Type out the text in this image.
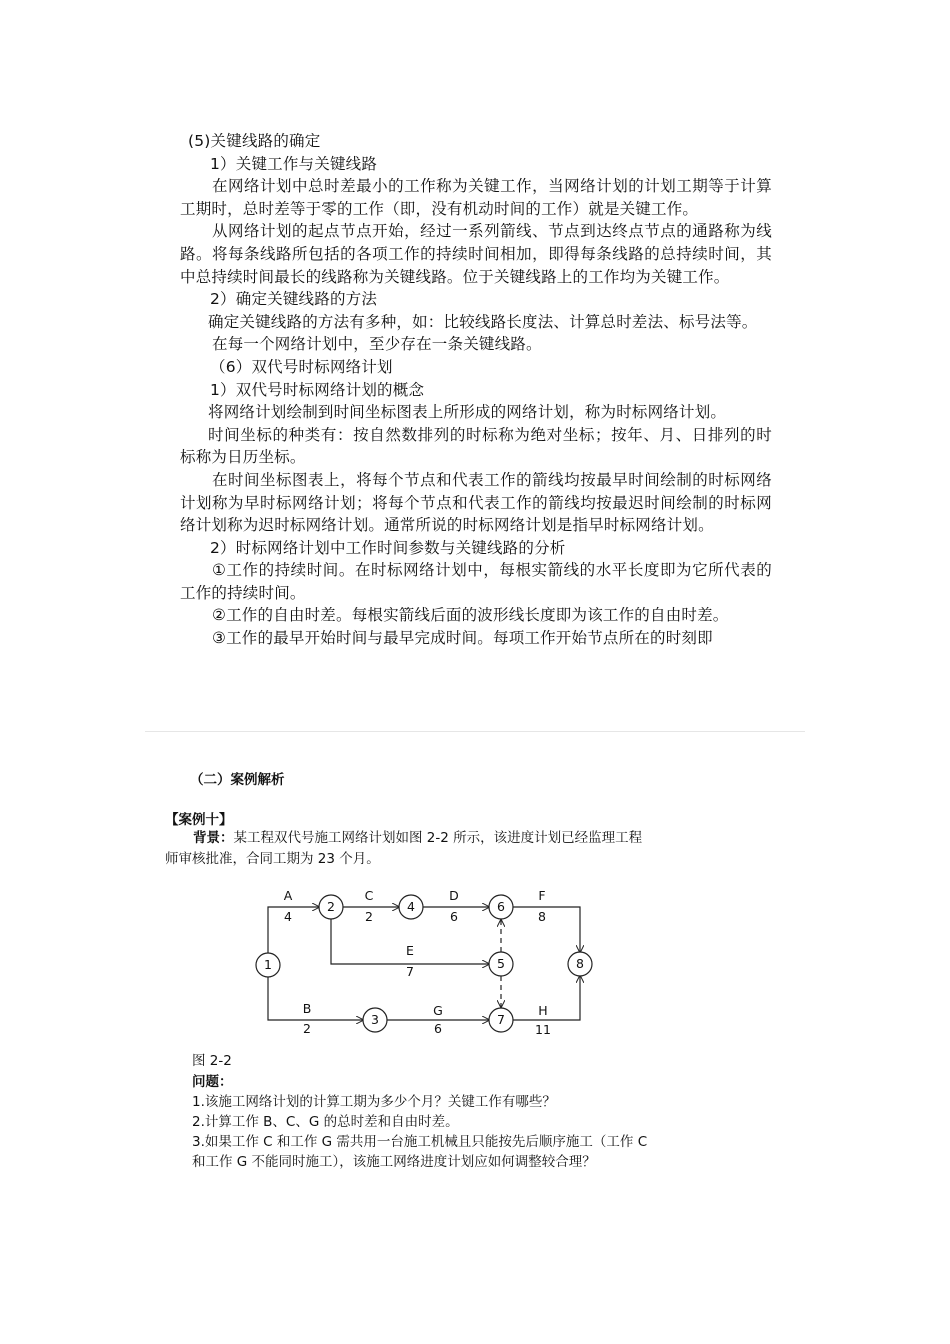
(5)关键线路的确定

1）关键工作与关键线路

在网络计划中总时差最小的工作称为关键工作，当网络计划的计划工期等于计算工期时，总时差等于零的工作（即，没有机动时间的工作）就是关键工作。

从网络计划的起点节点开始，经过一系列箭线、节点到达终点节点的通路称为线路。将每条线路所包括的各项工作的持续时间相加，即得每条线路的总持续时间，其中总持续时间最长的线路称为关键线路。位于关键线路上的工作均为关键工作。

2）确定关键线路的方法

确定关键线路的方法有多种，如：比较线路长度法、计算总时差法、标号法等。

在每一个网络计划中，至少存在一条关键线路。

（6）双代号时标网络计划

1）双代号时标网络计划的概念

将网络计划绘制到时间坐标图表上所形成的网络计划，称为时标网络计划。

时间坐标的种类有：按自然数排列的时标称为绝对坐标；按年、月、日排列的时标称为日历坐标。

在时间坐标图表上，将每个节点和代表工作的箭线均按最早时间绘制的时标网络计划称为早时标网络计划；将每个节点和代表工作的箭线均按最迟时间绘制的时标网络计划称为迟时标网络计划。通常所说的时标网络计划是指早时标网络计划。

2）时标网络计划中工作时间参数与关键线路的分析

①工作的持续时间。在时标网络计划中，每根实箭线的水平长度即为它所代表的工作的持续时间。

②工作的自由时差。每根实箭线后面的波形线长度即为该工作的自由时差。

③工作的最早开始时间与最早完成时间。每项工作开始节点所在的时刻即

（二）案例解析

【案例十】

背景：某工程双代号施工网络计划如图 2-2 所示，该进度计划已经监理工程
师审核批准，合同工期为 23 个月。
1
2
3
4
5
6
7
8
A
4
B
2
C
2
D
6
E
7
F
8
G
6
H
11

图 2-2

问题：

1.该施工网络计划的计算工期为多少个月？关键工作有哪些？

2.计算工作 B、C、G 的总时差和自由时差。

3.如果工作 C 和工作 G 需共用一台施工机械且只能按先后顺序施工（工作 C

和工作 G 不能同时施工），该施工网络进度计划应如何调整较合理？
